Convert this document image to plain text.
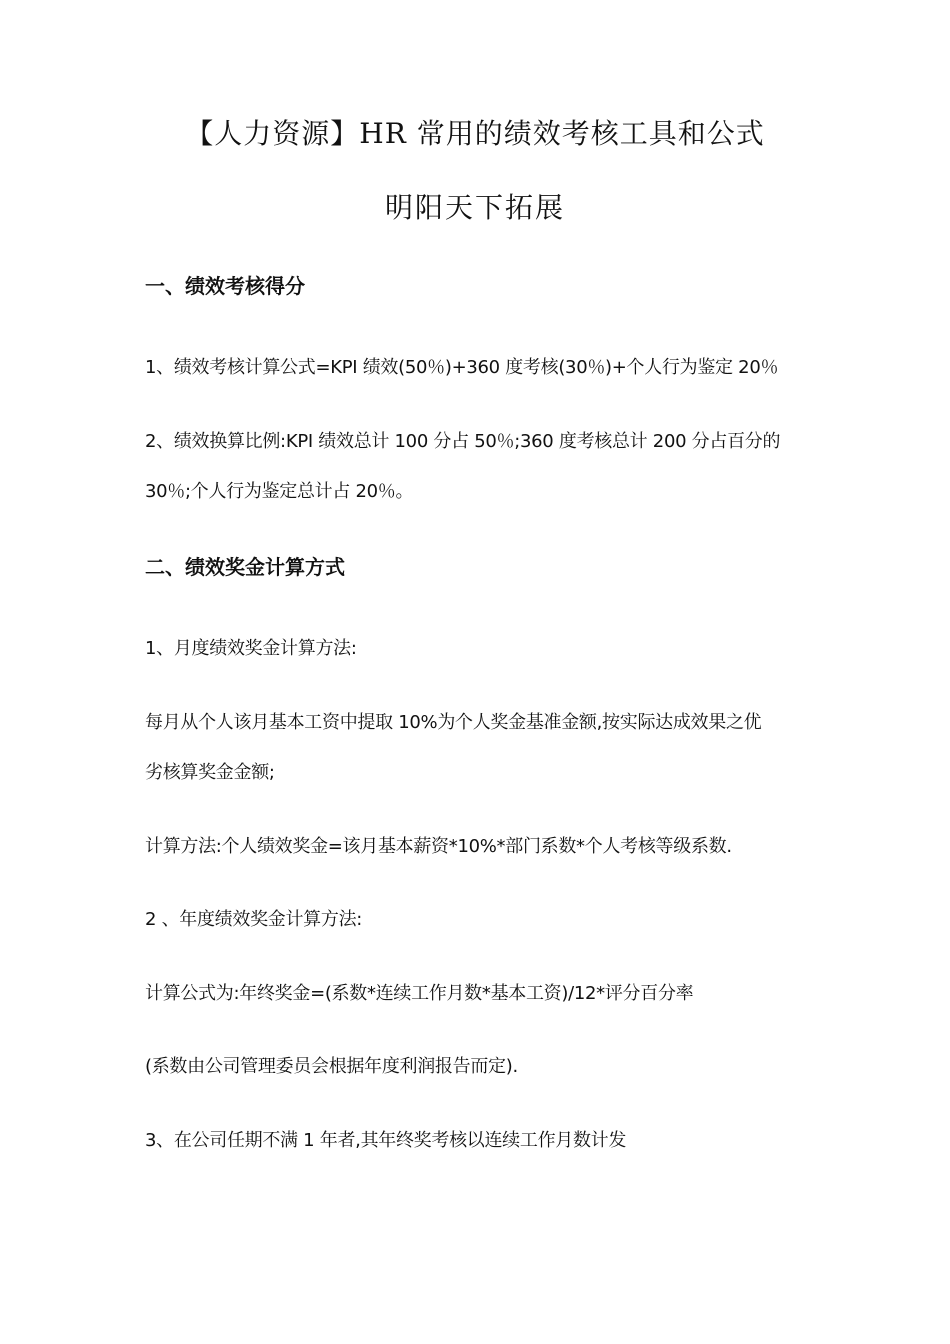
【人力资源】HR 常用的绩效考核工具和公式
明阳天下拓展
一、绩效考核得分
1、绩效考核计算公式=KPI 绩效(50％)+360 度考核(30％)+个人行为鉴定 20％
2、绩效换算比例:KPI 绩效总计 100 分占 50％;360 度考核总计 200 分占百分的
30％;个人行为鉴定总计占 20％。
二、绩效奖金计算方式
1、月度绩效奖金计算方法:
每月从个人该月基本工资中提取 10%为个人奖金基准金额,按实际达成效果之优
劣核算奖金金额;
计算方法:个人绩效奖金=该月基本薪资*10%*部门系数*个人考核等级系数.
2 、年度绩效奖金计算方法:
计算公式为:年终奖金=(系数*连续工作月数*基本工资)/12*评分百分率
(系数由公司管理委员会根据年度利润报告而定).
3、在公司任期不满 1 年者,其年终奖考核以连续工作月数计发
